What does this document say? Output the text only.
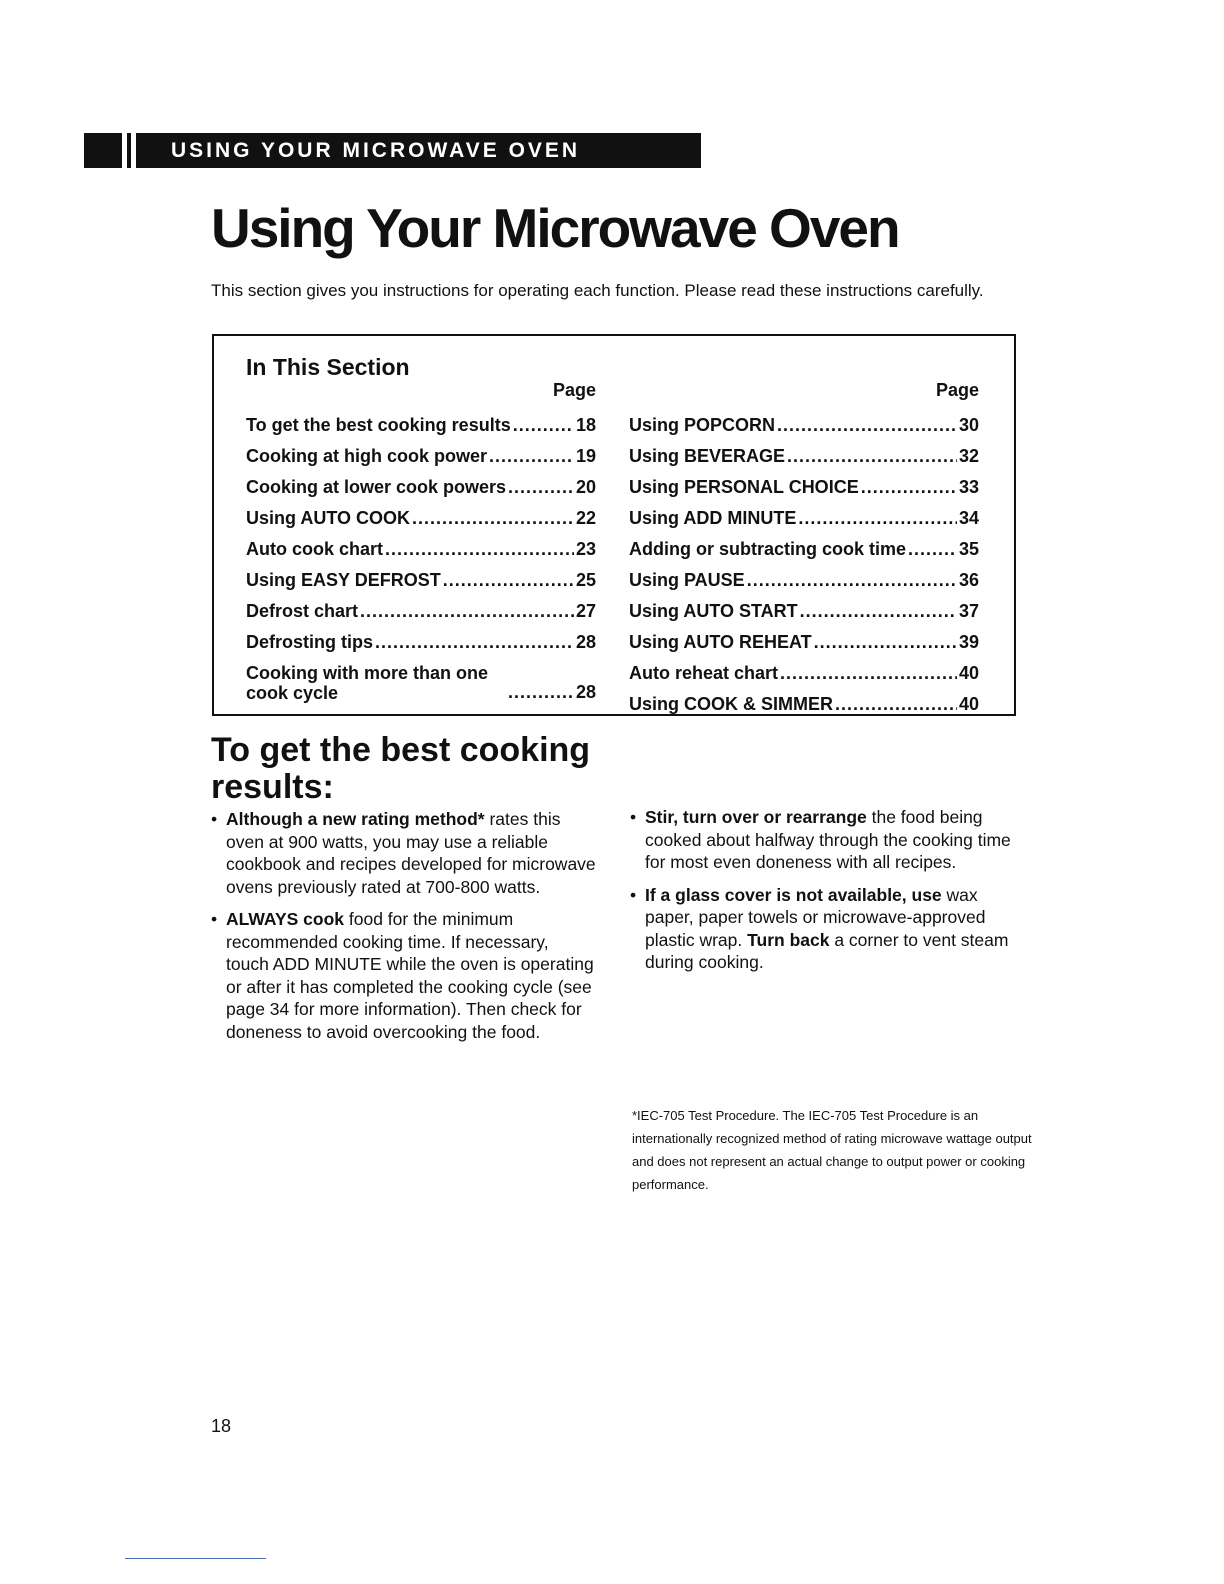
USING YOUR MICROWAVE OVEN
Using Your Microwave Oven
This section gives you instructions for operating each function. Please read these instructions carefully.
In This Section
Page
To get the best cooking results .....	18
Cooking at high cook power .....	19
Cooking at lower cook powers .....	20
Using AUTO COOK .....	22
Auto cook chart .....	23
Using EASY DEFROST .....	25
Defrost chart .....	27
Defrosting tips .....	28
Cooking with more than one cook cycle .....	28
Page
Using POPCORN .....	30
Using BEVERAGE .....	32
Using PERSONAL CHOICE .....	33
Using ADD MINUTE .....	34
Adding or subtracting cook time .....	35
Using PAUSE .....	36
Using AUTO START .....	37
Using AUTO REHEAT .....	39
Auto reheat chart .....	40
Using COOK & SIMMER .....	40
To get the best cooking results:
• Although a new rating method* rates this oven at 900 watts, you may use a reliable cookbook and recipes developed for microwave ovens previously rated at 700-800 watts.
• ALWAYS cook food for the minimum recommended cooking time. If necessary, touch ADD MINUTE while the oven is operating or after it has completed the cooking cycle (see page 34 for more information). Then check for doneness to avoid overcooking the food.
• Stir, turn over or rearrange the food being cooked about halfway through the cooking time for most even doneness with all recipes.
• If a glass cover is not available, use wax paper, paper towels or microwave-approved plastic wrap. Turn back a corner to vent steam during cooking.
*IEC-705 Test Procedure. The IEC-705 Test Procedure is an internationally recognized method of rating microwave wattage output and does not represent an actual change to output power or cooking performance.
18
